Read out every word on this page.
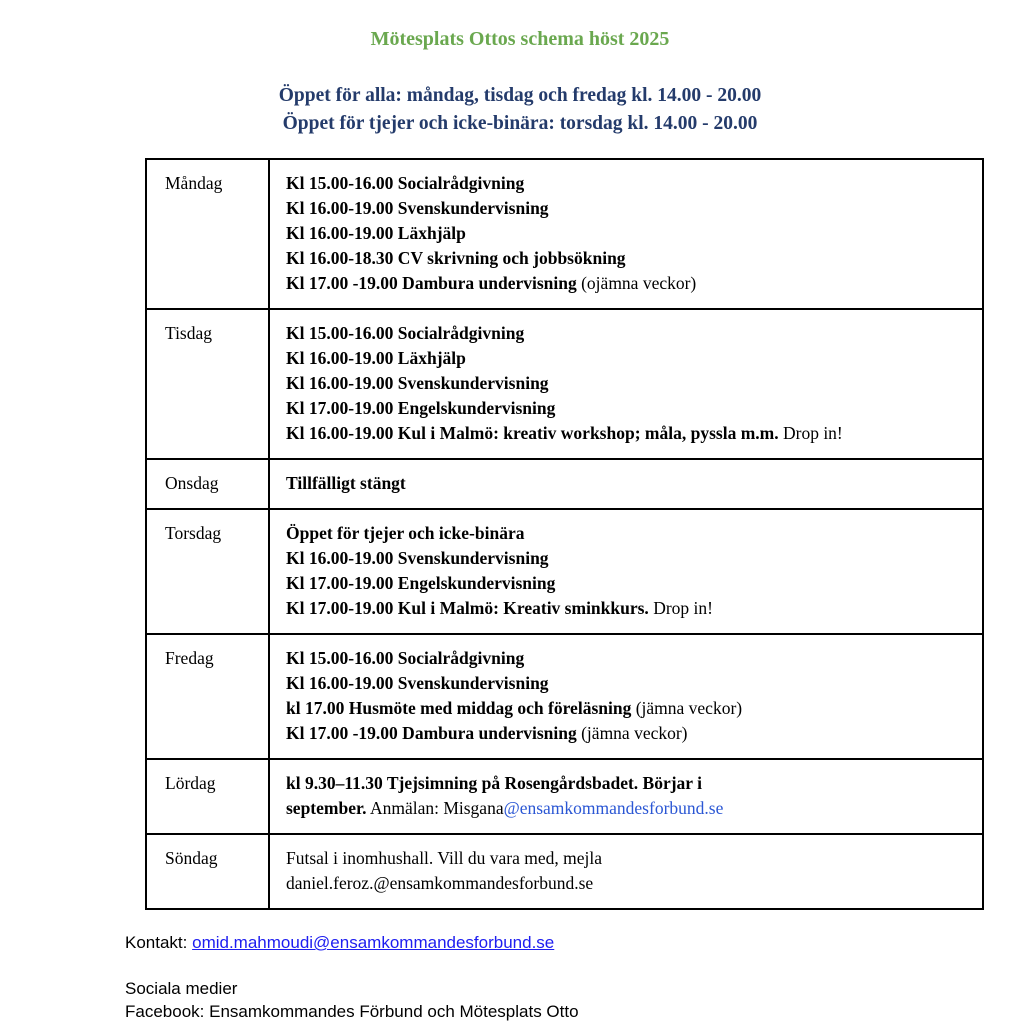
Mötesplats Ottos schema höst 2025
Öppet för alla: måndag, tisdag och fredag kl. 14.00 - 20.00
Öppet för tjejer och icke-binära: torsdag kl. 14.00 - 20.00
Måndag	Kl 15.00-16.00 Socialrådgivning
Kl 16.00-19.00 Svenskundervisning
Kl 16.00-19.00 Läxhjälp
Kl 16.00-18.30 CV skrivning och jobbsökning
Kl 17.00 -19.00 Dambura undervisning (ojämna veckor)
Tisdag	Kl 15.00-16.00 Socialrådgivning
Kl 16.00-19.00 Läxhjälp
Kl 16.00-19.00 Svenskundervisning
Kl 17.00-19.00 Engelskundervisning
Kl 16.00-19.00 Kul i Malmö: kreativ workshop; måla, pyssla m.m. Drop in!
Onsdag	Tillfälligt stängt
Torsdag	Öppet för tjejer och icke-binära
Kl 16.00-19.00 Svenskundervisning
Kl 17.00-19.00 Engelskundervisning
Kl 17.00-19.00 Kul i Malmö: Kreativ sminkkurs. Drop in!
Fredag	Kl 15.00-16.00 Socialrådgivning
Kl 16.00-19.00 Svenskundervisning
kl 17.00 Husmöte med middag och föreläsning (jämna veckor)
Kl 17.00 -19.00 Dambura undervisning (jämna veckor)
Lördag	kl 9.30–11.30 Tjejsimning på Rosengårdsbadet. Börjar i
september. Anmälan: Misgana@ensamkommandesforbund.se
Söndag	Futsal i inomhushall. Vill du vara med, mejla
daniel.feroz.@ensamkommandesforbund.se
Kontakt: omid.mahmoudi@ensamkommandesforbund.se
Sociala medier
Facebook: Ensamkommandes Förbund och Mötesplats Otto
